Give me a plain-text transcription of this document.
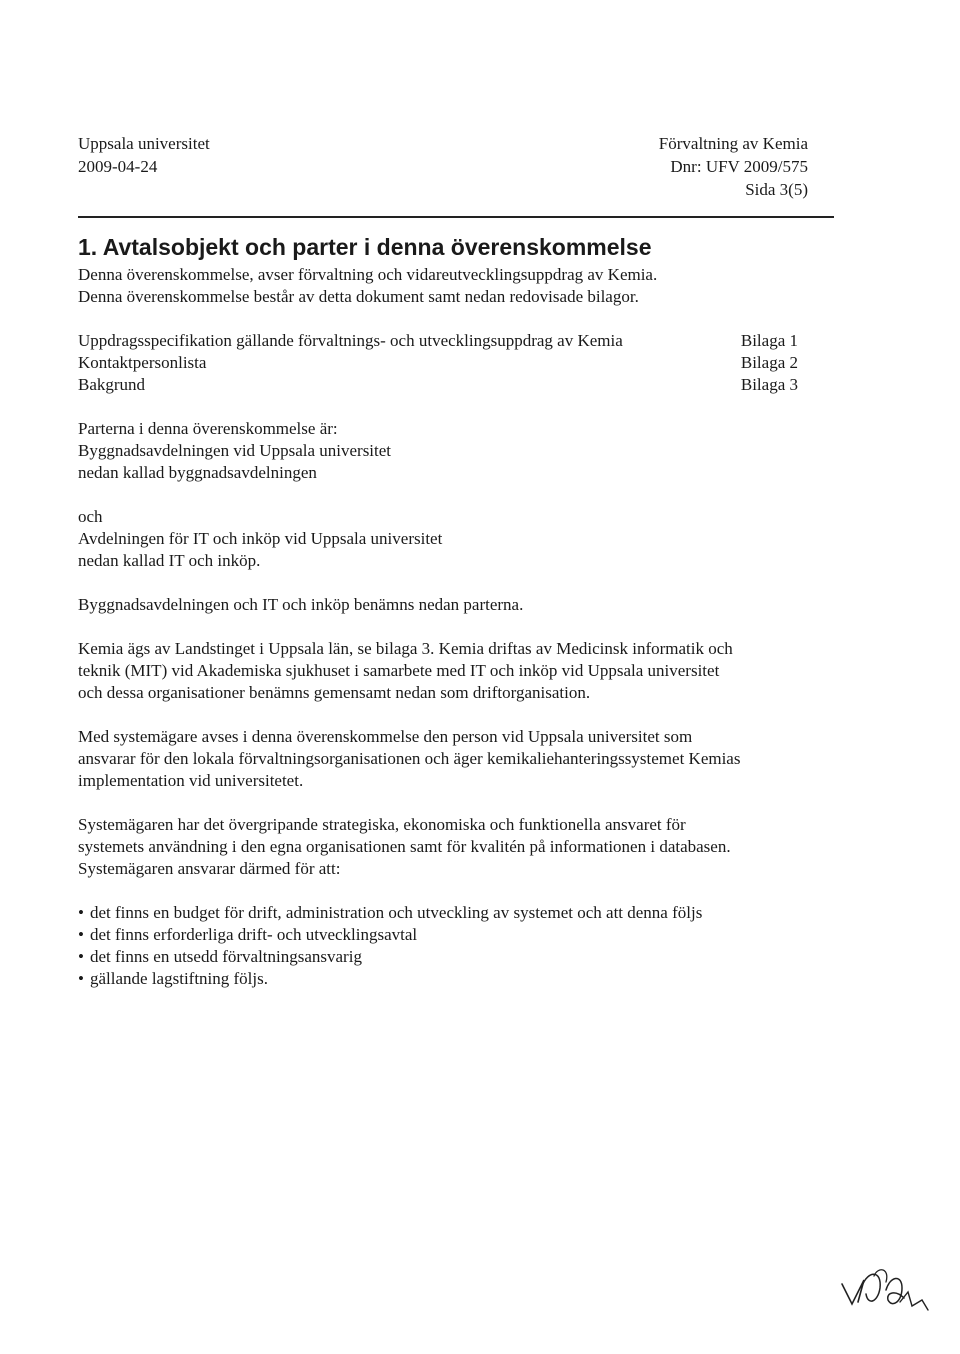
Uppsala universitet
2009-04-24
Förvaltning av Kemia
Dnr: UFV 2009/575
Sida 3(5)
1. Avtalsobjekt och parter i denna överenskommelse

Denna överenskommelse, avser förvaltning och vidareutvecklingsuppdrag av Kemia.

Denna överenskommelse består av detta dokument samt nedan redovisade bilagor.

Uppdragsspecifikation gällande förvaltnings- och utvecklingsuppdrag av Kemia	Bilaga 1
Kontaktpersonlista	Bilaga 2
Bakgrund	Bilaga 3

Parterna i denna överenskommelse är:

Byggnadsavdelningen vid Uppsala universitet

nedan kallad byggnadsavdelningen

och

Avdelningen för IT och inköp vid Uppsala universitet

nedan kallad IT och inköp.

Byggnadsavdelningen och IT och inköp benämns nedan parterna.

Kemia ägs av Landstinget i Uppsala län, se bilaga 3. Kemia driftas av Medicinsk informatik och

teknik (MIT) vid Akademiska sjukhuset i samarbete med IT och inköp vid Uppsala universitet

och dessa organisationer benämns gemensamt nedan som driftorganisation.

Med systemägare avses i denna överenskommelse den person vid Uppsala universitet som

ansvarar för den lokala förvaltningsorganisationen och äger kemikaliehanteringssystemet Kemias

implementation vid universitetet.

Systemägaren har det övergripande strategiska, ekonomiska och funktionella ansvaret för

systemets användning i den egna organisationen samt för kvalitén på informationen i databasen.

Systemägaren ansvarar därmed för att:

• det finns en budget för drift, administration och utveckling av systemet och att denna följs
• det finns erforderliga drift- och utvecklingsavtal
• det finns en utsedd förvaltningsansvarig
• gällande lagstiftning följs.
